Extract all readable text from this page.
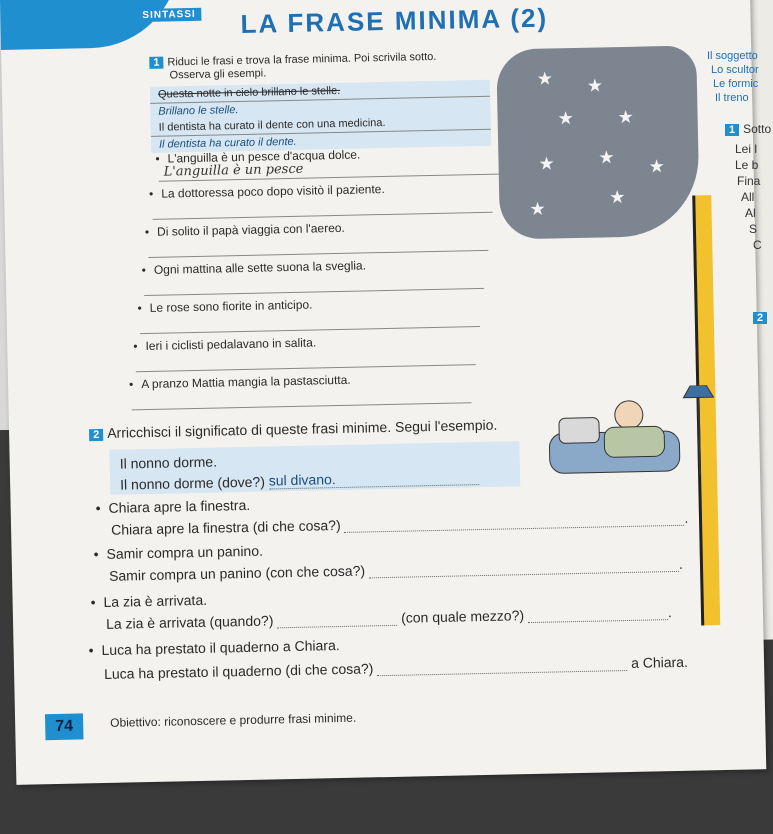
SINTASSI LA FRASE MINIMA (2)
1 Riduci le frasi e trova la frase minima. Poi scrivila sotto.
Osserva gli esempi.
Questa notte in cielo brillano le stelle.
Brillano le stelle.
Il dentista ha curato il dente con una medicina.
Il dentista ha curato il dente.
• L'anguilla è un pesce d'acqua dolce.
L'anguilla è un pesce
• La dottoressa poco dopo visitò il paziente.
• Di solito il papà viaggia con l'aereo.
• Ogni mattina alle sette suona la sveglia.
• Le rose sono fiorite in anticipo.
• Ieri i ciclisti pedalavano in salita.
• A pranzo Mattia mangia la pastasciutta.
★ ★
★
★
★ ★ ★
★
★
2 Arricchisci il significato di queste frasi minime. Segui l'esempio.
Il nonno dorme.
Il nonno dorme (dove?) sul divano.
• Chiara apre la finestra.
Chiara apre la finestra (di che cosa?)	.
• Samir compra un panino.
Samir compra un panino (con che cosa?)	.
• La zia è arrivata.
La zia è arrivata (quando?)	(con quale mezzo?)	.
• Luca ha prestato il quaderno a Chiara.
Luca ha prestato il quaderno (di che cosa?)	a Chiara.
74	Obiettivo: riconoscere e produrre frasi minime.
Il soggetto
Lo scultor
Le formic
Il treno
1 Sotto
Lei l
Le b
Fina
All
Al
S
C
2
